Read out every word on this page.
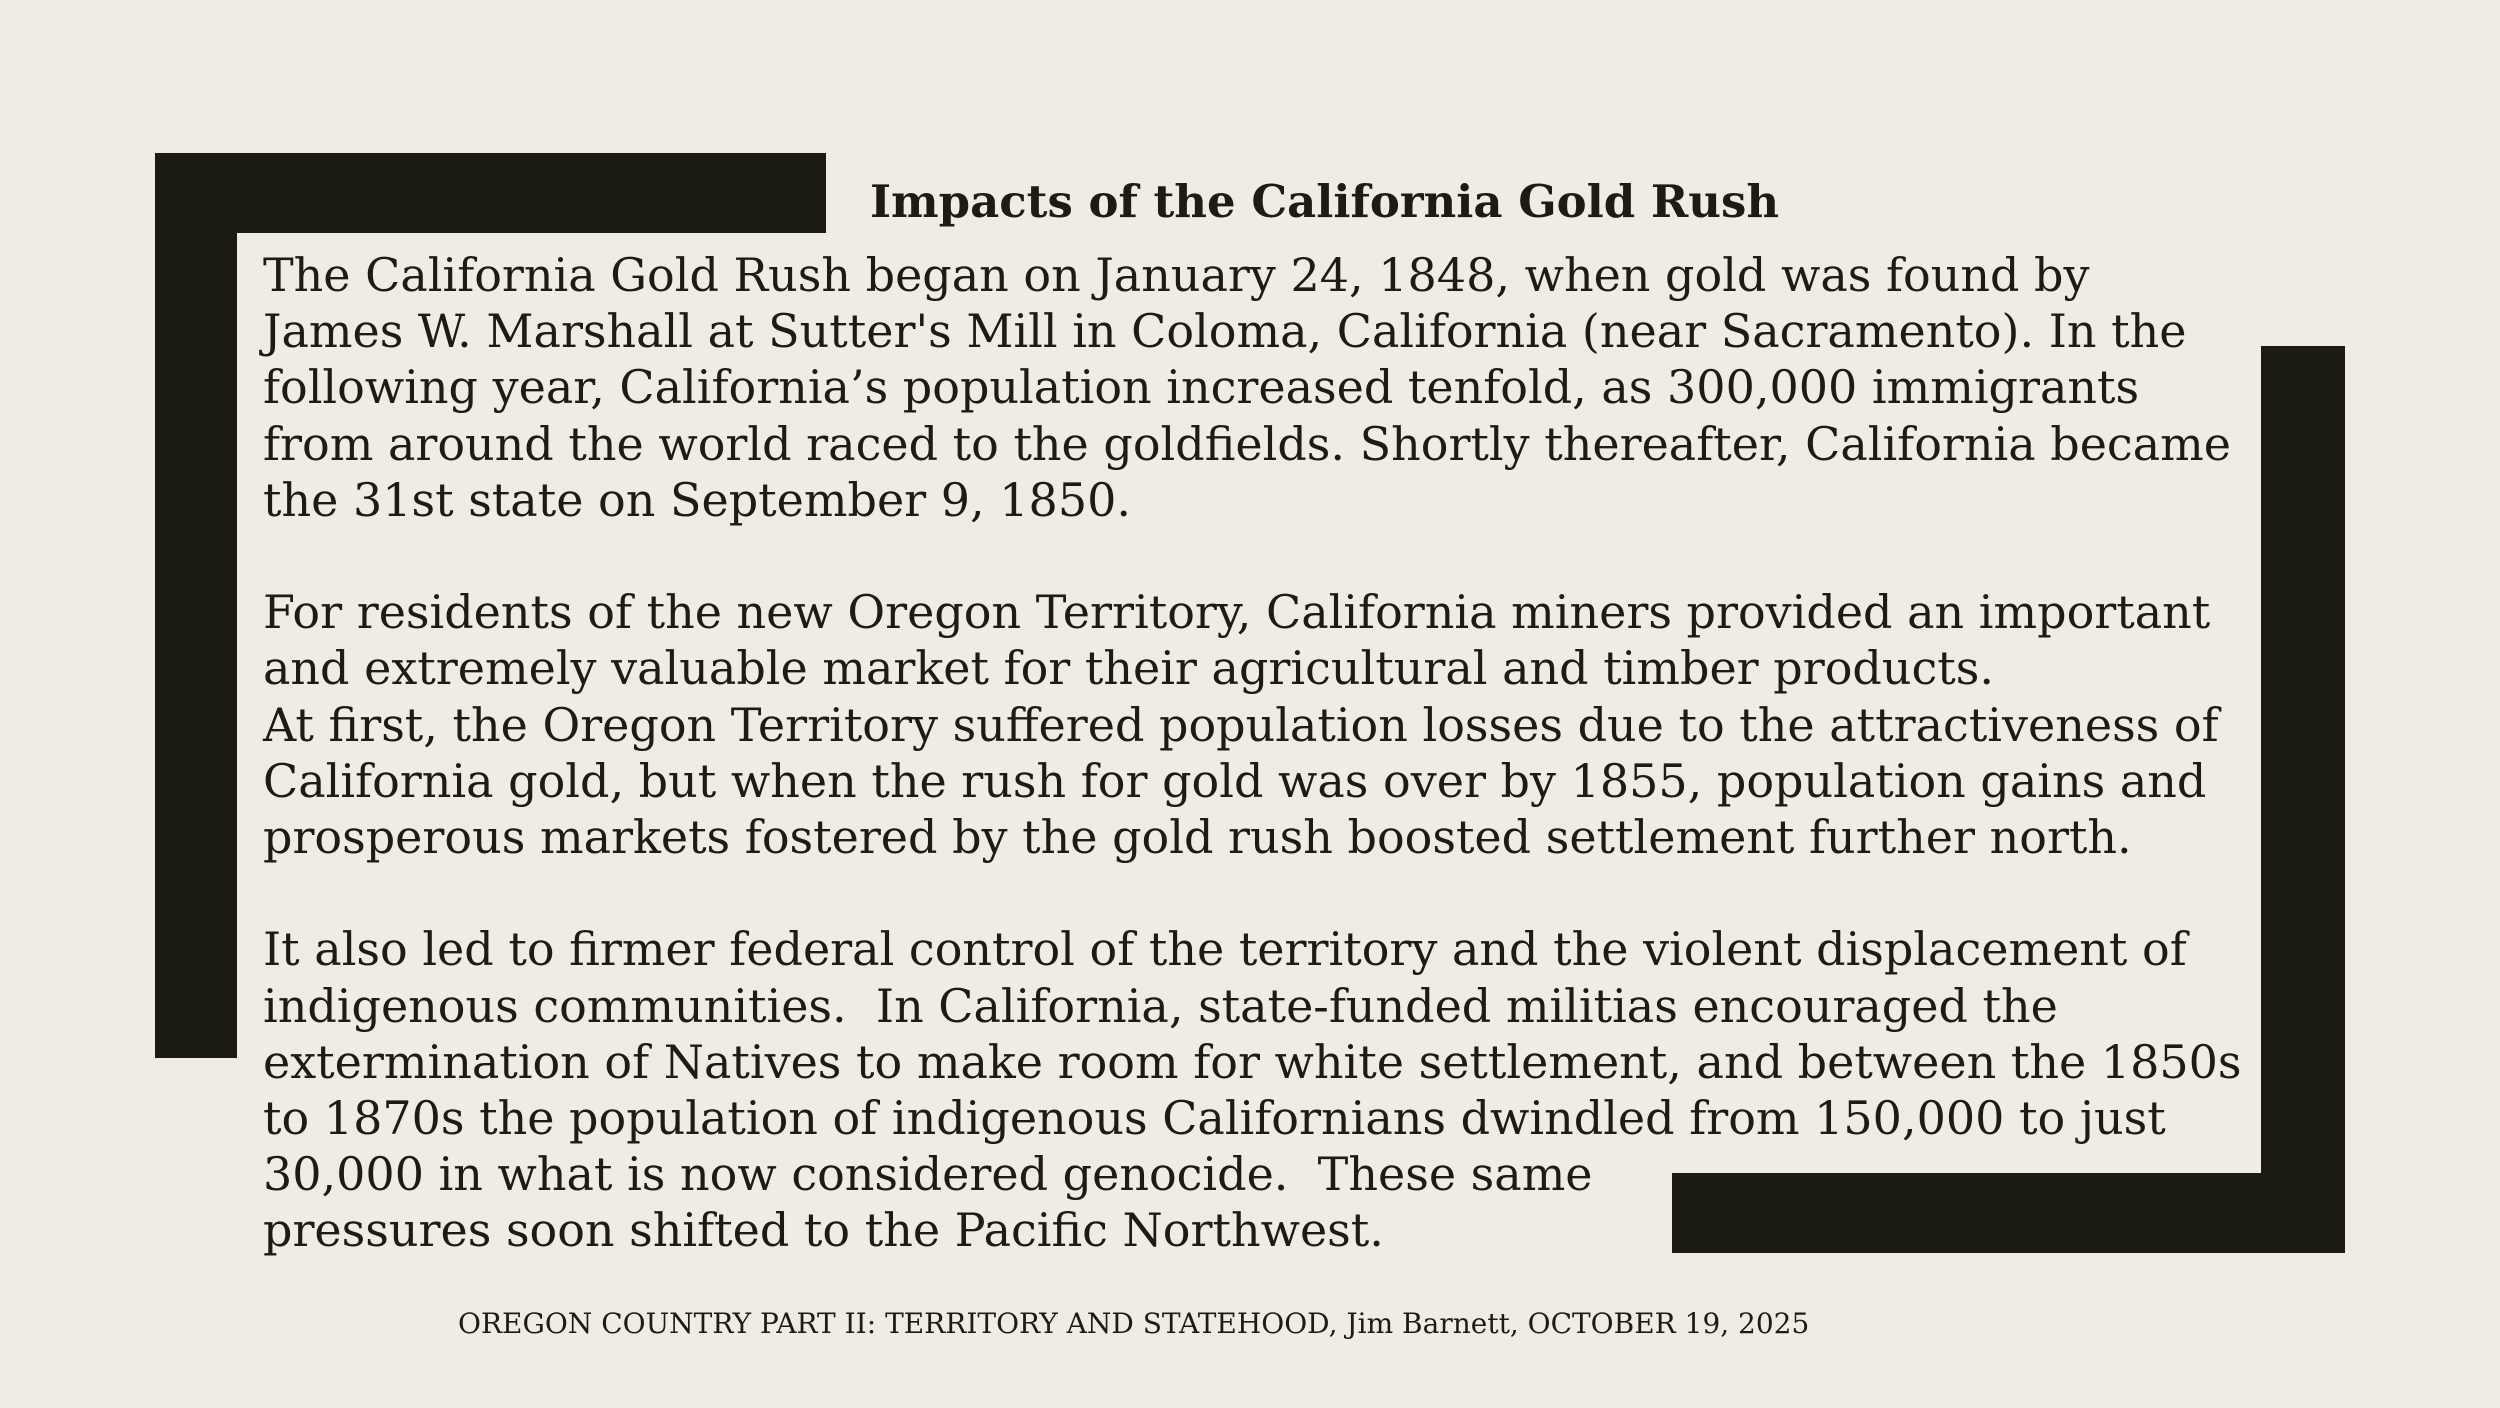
Impacts of the California Gold Rush
The California Gold Rush began on January 24, 1848, when gold was found by
James W. Marshall at Sutter's Mill in Coloma, California (near Sacramento). In the
following year, California’s population increased tenfold, as 300,000 immigrants
from around the world raced to the goldfields. Shortly thereafter, California became
the 31st state on September 9, 1850.
For residents of the new Oregon Territory, California miners provided an important
and extremely valuable market for their agricultural and timber products.
At first, the Oregon Territory suffered population losses due to the attractiveness of
California gold, but when the rush for gold was over by 1855, population gains and
prosperous markets fostered by the gold rush boosted settlement further north.
It also led to firmer federal control of the territory and the violent displacement of
indigenous communities.  In California, state-funded militias encouraged the
extermination of Natives to make room for white settlement, and between the 1850s
to 1870s the population of indigenous Californians dwindled from 150,000 to just
30,000 in what is now considered genocide.  These same
pressures soon shifted to the Pacific Northwest.
OREGON COUNTRY PART II: TERRITORY AND STATEHOOD, Jim Barnett, OCTOBER 19, 2025
